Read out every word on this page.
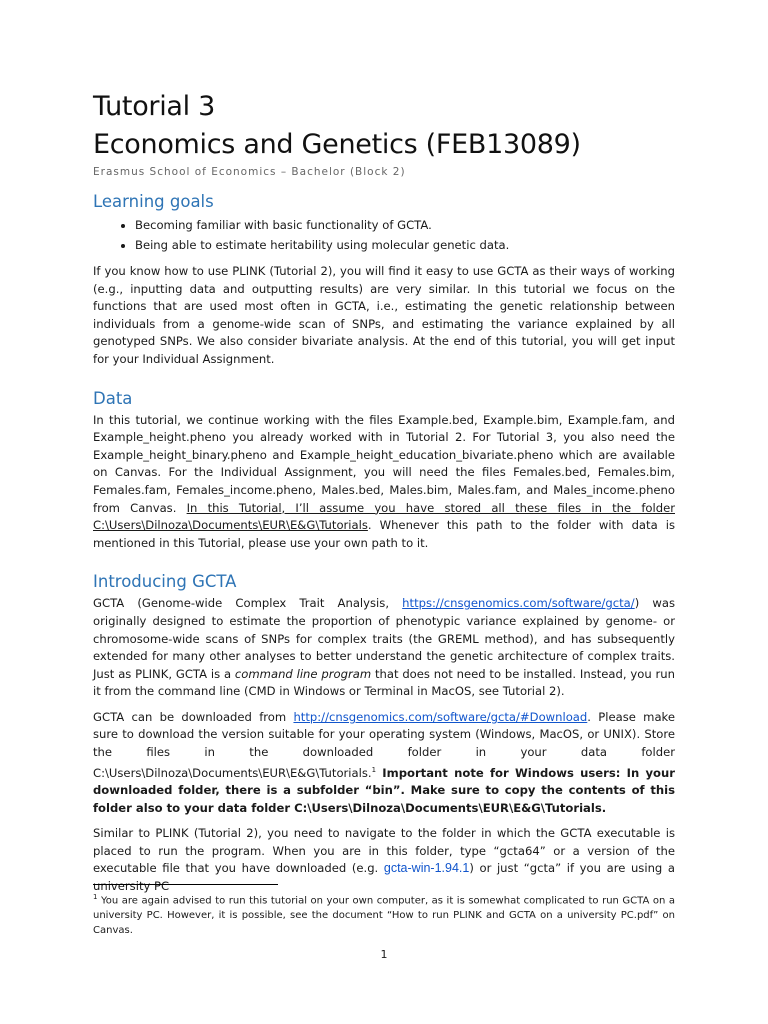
Tutorial 3
Economics and Genetics (FEB13089)
Erasmus School of Economics – Bachelor (Block 2)
Learning goals
• Becoming familiar with basic functionality of GCTA.
• Being able to estimate heritability using molecular genetic data.

If you know how to use PLINK (Tutorial 2), you will find it easy to use GCTA as their ways of working (e.g., inputting data and outputting results) are very similar. In this tutorial we focus on the functions that are used most often in GCTA, i.e., estimating the genetic relationship between individuals from a genome-wide scan of SNPs, and estimating the variance explained by all genotyped SNPs. We also consider bivariate analysis. At the end of this tutorial, you will get input for your Individual Assignment.

Data

In this tutorial, we continue working with the files Example.bed, Example.bim, Example.fam, and Example_height.pheno you already worked with in Tutorial 2. For Tutorial 3, you also need the Example_height_binary.pheno and Example_height_education_bivariate.pheno which are available on Canvas. For the Individual Assignment, you will need the files Females.bed, Females.bim, Females.fam, Females_income.pheno, Males.bed, Males.bim, Males.fam, and Males_income.pheno from Canvas. In this Tutorial, I’ll assume you have stored all these files in the folder C:\Users\Dilnoza\Documents\EUR\E&G\Tutorials. Whenever this path to the folder with data is mentioned in this Tutorial, please use your own path to it.

Introducing GCTA

GCTA (Genome-wide Complex Trait Analysis, https://cnsgenomics.com/software/gcta/) was originally designed to estimate the proportion of phenotypic variance explained by genome- or chromosome-wide scans of SNPs for complex traits (the GREML method), and has subsequently extended for many other analyses to better understand the genetic architecture of complex traits. Just as PLINK, GCTA is a command line program that does not need to be installed. Instead, you run it from the command line (CMD in Windows or Terminal in MacOS, see Tutorial 2).

GCTA can be downloaded from http://cnsgenomics.com/software/gcta/#Download. Please make sure to download the version suitable for your operating system (Windows, MacOS, or UNIX). Store the files in the downloaded folder in your data folder C:\Users\Dilnoza\Documents\EUR\E&G\Tutorials.$^1$ Important note for Windows users: In your downloaded folder, there is a subfolder “bin”. Make sure to copy the contents of this folder also to your data folder C:\Users\Dilnoza\Documents\EUR\E&G\Tutorials.

Similar to PLINK (Tutorial 2), you need to navigate to the folder in which the GCTA executable is placed to run the program. When you are in this folder, type “gcta64” or a version of the executable file that you have downloaded (e.g. gcta-win-1.94.1) or just “gcta” if you are using a university PC

$^1$ You are again advised to run this tutorial on your own computer, as it is somewhat complicated to run GCTA on a university PC. However, it is possible, see the document “How to run PLINK and GCTA on a university PC.pdf” on Canvas.
1
